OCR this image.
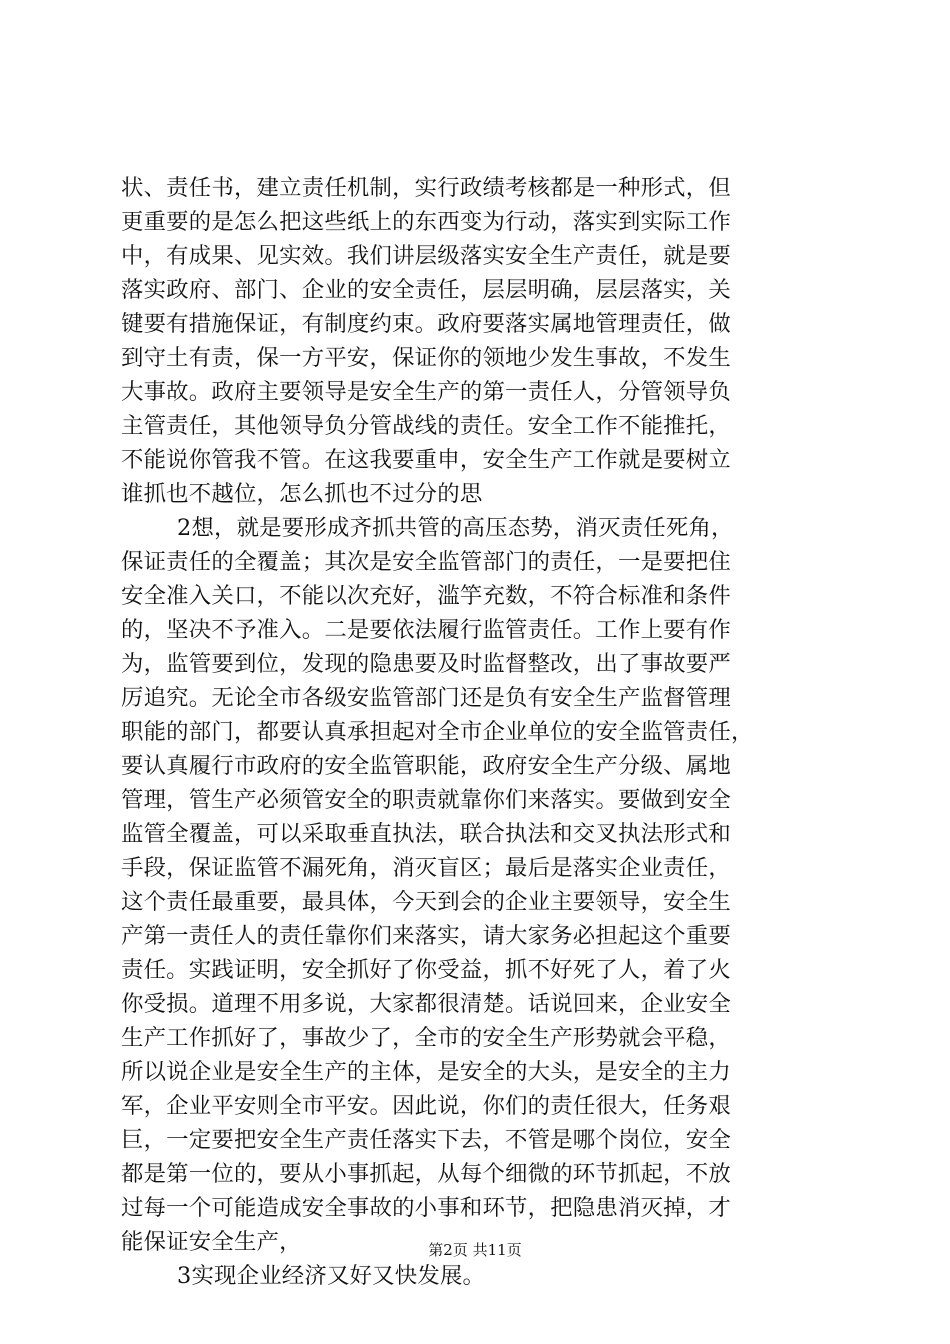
状、责任书，建立责任机制，实行政绩考核都是一种形式，但
更重要的是怎么把这些纸上的东西变为行动，落实到实际工作
中，有成果、见实效。我们讲层级落实安全生产责任，就是要
落实政府、部门、企业的安全责任，层层明确，层层落实，关
键要有措施保证，有制度约束。政府要落实属地管理责任，做
到守土有责，保一方平安，保证你的领地少发生事故，不发生
大事故。政府主要领导是安全生产的第一责任人，分管领导负
主管责任，其他领导负分管战线的责任。安全工作不能推托，
不能说你管我不管。在这我要重申，安全生产工作就是要树立
谁抓也不越位，怎么抓也不过分的思
2想，就是要形成齐抓共管的高压态势，消灭责任死角，
保证责任的全覆盖；其次是安全监管部门的责任，一是要把住
安全准入关口，不能以次充好，滥竽充数，不符合标准和条件
的，坚决不予准入。二是要依法履行监管责任。工作上要有作
为，监管要到位，发现的隐患要及时监督整改，出了事故要严
厉追究。无论全市各级安监管部门还是负有安全生产监督管理
职能的部门，都要认真承担起对全市企业单位的安全监管责任，
要认真履行市政府的安全监管职能，政府安全生产分级、属地
管理，管生产必须管安全的职责就靠你们来落实。要做到安全
监管全覆盖，可以采取垂直执法，联合执法和交叉执法形式和
手段，保证监管不漏死角，消灭盲区；最后是落实企业责任，
这个责任最重要，最具体，今天到会的企业主要领导，安全生
产第一责任人的责任靠你们来落实，请大家务必担起这个重要
责任。实践证明，安全抓好了你受益，抓不好死了人，着了火
你受损。道理不用多说，大家都很清楚。话说回来，企业安全
生产工作抓好了，事故少了，全市的安全生产形势就会平稳，
所以说企业是安全生产的主体，是安全的大头，是安全的主力
军，企业平安则全市平安。因此说，你们的责任很大，任务艰
巨，一定要把安全生产责任落实下去，不管是哪个岗位，安全
都是第一位的，要从小事抓起，从每个细微的环节抓起，不放
过每一个可能造成安全事故的小事和环节，把隐患消灭掉，才
能保证安全生产，
3实现企业经济又好又快发展。
第2页 共11页
